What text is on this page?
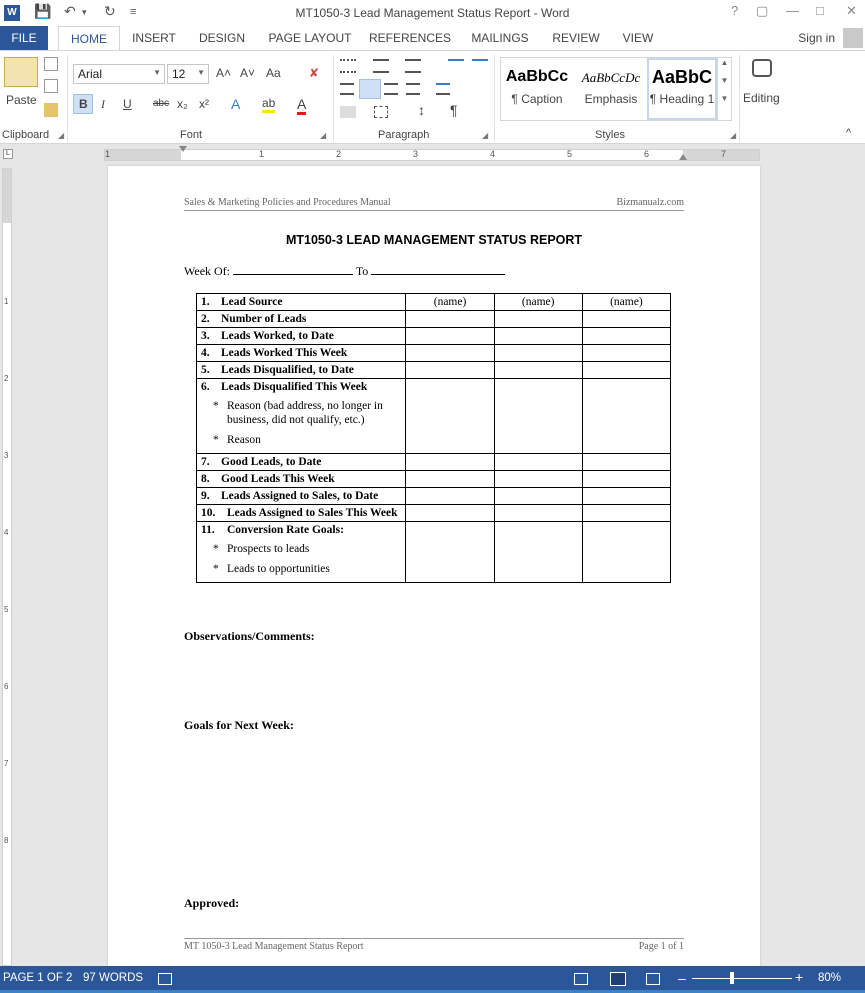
W 💾 ↶ ▾ ↻ ≡	MT1050-3 Lead Management Status Report - Word	? ▢ — □ ✕
FILE	HOME	INSERT	DESIGN	PAGE LAYOUT	REFERENCES	MAILINGS	REVIEW	VIEW	Sign in
Paste
Clipboard ◢
Arial	▼ 12 ▼ A˄ A˅ Aa ✘
B I U abc x₂ x² A ab A
Font	◢
↕ ¶
Paragraph	◢
AaBbCc
¶ Caption
AaBbCcDc
Emphasis
AaBbC
¶ Heading 1
▲

▼

▼
Styles	◢
Editing
^
L	1	1	2	3	4	5	6	7
1
2
3
4
5
6
7
8
Sales & Marketing Policies and Procedures Manual	Bizmanualz.com
MT1050-3 LEAD MANAGEMENT STATUS REPORT
Week Of:	To
1. Lead Source	(name)	(name)	(name)
2. Number of Leads			
3. Leads Worked, to Date			
4. Leads Worked This Week			
5. Leads Disqualified, to Date			
6. Leads Disqualified This Week
* Reason (bad address, no longer in business, did not qualify, etc.)
* Reason

7. Good Leads, to Date			
8. Good Leads This Week			
9. Leads Assigned to Sales, to Date			
10. Leads Assigned to Sales This Week			
11. Conversion Rate Goals:
* Prospects to leads
* Leads to opportunities

Observations/Comments:
Goals for Next Week:
Approved:
MT 1050-3 Lead Management Status Report	Page 1 of 1
PAGE 1 OF 2 97 WORDS	–	+ 80%
